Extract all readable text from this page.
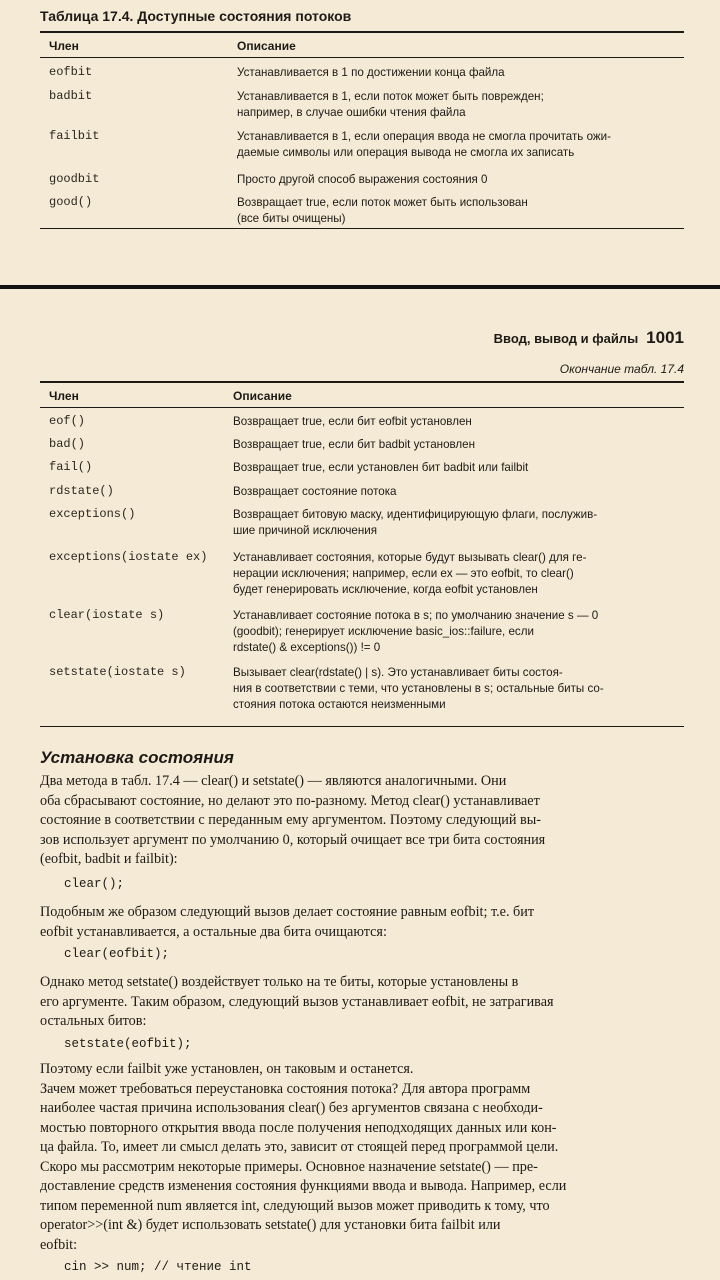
Таблица 17.4. Доступные состояния потоков
Член	Описание
eofbit	Устанавливается в 1 по достижении конца файла
badbit	Устанавливается в 1, если поток может быть поврежден;
например, в случае ошибки чтения файла
failbit	Устанавливается в 1, если операция ввода не смогла прочитать ожи-
даемые символы или операция вывода не смогла их записать
goodbit	Просто другой способ выражения состояния 0
good()	Возвращает true, если поток может быть использован
(все биты очищены)
Ввод, вывод и файлы 1001
Окончание табл. 17.4
Член	Описание
eof()	Возвращает true, если бит eofbit установлен
bad()	Возвращает true, если бит badbit установлен
fail()	Возвращает true, если установлен бит badbit или failbit
rdstate()	Возвращает состояние потока
exceptions()	Возвращает битовую маску, идентифицирующую флаги, послужив-
шие причиной исключения
exceptions(iostate ex) Устанавливает состояния, которые будут вызывать clear() для ге-
нерации исключения; например, если ex — это eofbit, то clear()
будет генерировать исключение, когда eofbit установлен
clear(iostate s)	Устанавливает состояние потока в s; по умолчанию значение s — 0
(goodbit); генерирует исключение basic_ios::failure, если
rdstate() & exceptions()) != 0
setstate(iostate s)	Вызывает clear(rdstate() | s). Это устанавливает биты состоя-
ния в соответствии с теми, что установлены в s; остальные биты со-
стояния потока остаются неизменными
Установка состояния
Два метода в табл. 17.4 — clear() и setstate() — являются аналогичными. Они
оба сбрасывают состояние, но делают это по-разному. Метод clear() устанавливает
состояние в соответствии с переданным ему аргументом. Поэтому следующий вы-
зов использует аргумент по умолчанию 0, который очищает все три бита состояния
(eofbit, badbit и failbit):
clear();
Подобным же образом следующий вызов делает состояние равным eofbit; т.е. бит
eofbit устанавливается, а остальные два бита очищаются:
clear(eofbit);
Однако метод setstate() воздействует только на те биты, которые установлены в
его аргументе. Таким образом, следующий вызов устанавливает eofbit, не затрагивая
остальных битов:
setstate(eofbit);
Поэтому если failbit уже установлен, он таковым и останется.
Зачем может требоваться переустановка состояния потока? Для автора программ
наиболее частая причина использования clear() без аргументов связана с необходи-
мостью повторного открытия ввода после получения неподходящих данных или кон-
ца файла. То, имеет ли смысл делать это, зависит от стоящей перед программой цели.
Скоро мы рассмотрим некоторые примеры. Основное назначение setstate() — пре-
доставление средств изменения состояния функциями ввода и вывода. Например, если
типом переменной num является int, следующий вызов может приводить к тому, что
operator>>(int &) будет использовать setstate() для установки бита failbit или
eofbit:
cin >> num; // чтение int
